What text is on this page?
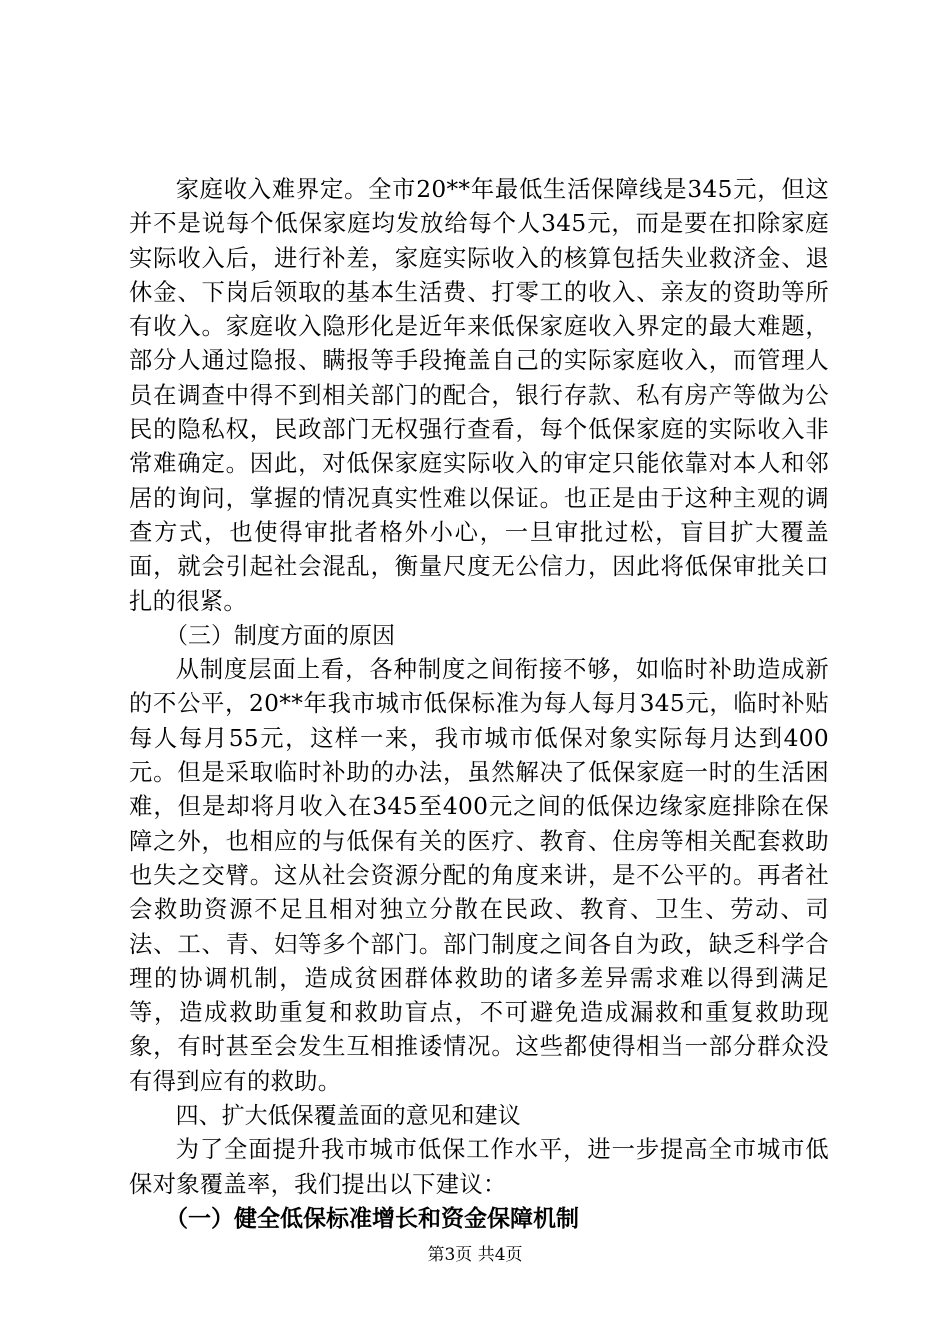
家庭收入难界定。全市20**年最低生活保障线是345元，但这并不是说每个低保家庭均发放给每个人345元，而是要在扣除家庭实际收入后，进行补差，家庭实际收入的核算包括失业救济金、退休金、下岗后领取的基本生活费、打零工的收入、亲友的资助等所有收入。家庭收入隐形化是近年来低保家庭收入界定的最大难题，部分人通过隐报、瞒报等手段掩盖自己的实际家庭收入，而管理人员在调查中得不到相关部门的配合，银行存款、私有房产等做为公民的隐私权，民政部门无权强行查看，每个低保家庭的实际收入非常难确定。因此，对低保家庭实际收入的审定只能依靠对本人和邻居的询问，掌握的情况真实性难以保证。也正是由于这种主观的调查方式，也使得审批者格外小心，一旦审批过松，盲目扩大覆盖面，就会引起社会混乱，衡量尺度无公信力，因此将低保审批关口扎的很紧。

（三）制度方面的原因

从制度层面上看，各种制度之间衔接不够，如临时补助造成新的不公平，20**年我市城市低保标准为每人每月345元，临时补贴每人每月55元，这样一来，我市城市低保对象实际每月达到400元。但是采取临时补助的办法，虽然解决了低保家庭一时的生活困难，但是却将月收入在345至400元之间的低保边缘家庭排除在保障之外，也相应的与低保有关的医疗、教育、住房等相关配套救助也失之交臂。这从社会资源分配的角度来讲，是不公平的。再者社会救助资源不足且相对独立分散在民政、教育、卫生、劳动、司法、工、青、妇等多个部门。部门制度之间各自为政，缺乏科学合理的协调机制，造成贫困群体救助的诸多差异需求难以得到满足等，造成救助重复和救助盲点，不可避免造成漏救和重复救助现象，有时甚至会发生互相推诿情况。这些都使得相当一部分群众没有得到应有的救助。

四、扩大低保覆盖面的意见和建议

为了全面提升我市城市低保工作水平，进一步提高全市城市低保对象覆盖率，我们提出以下建议：

（一）健全低保标准增长和资金保障机制

第3页 共4页
